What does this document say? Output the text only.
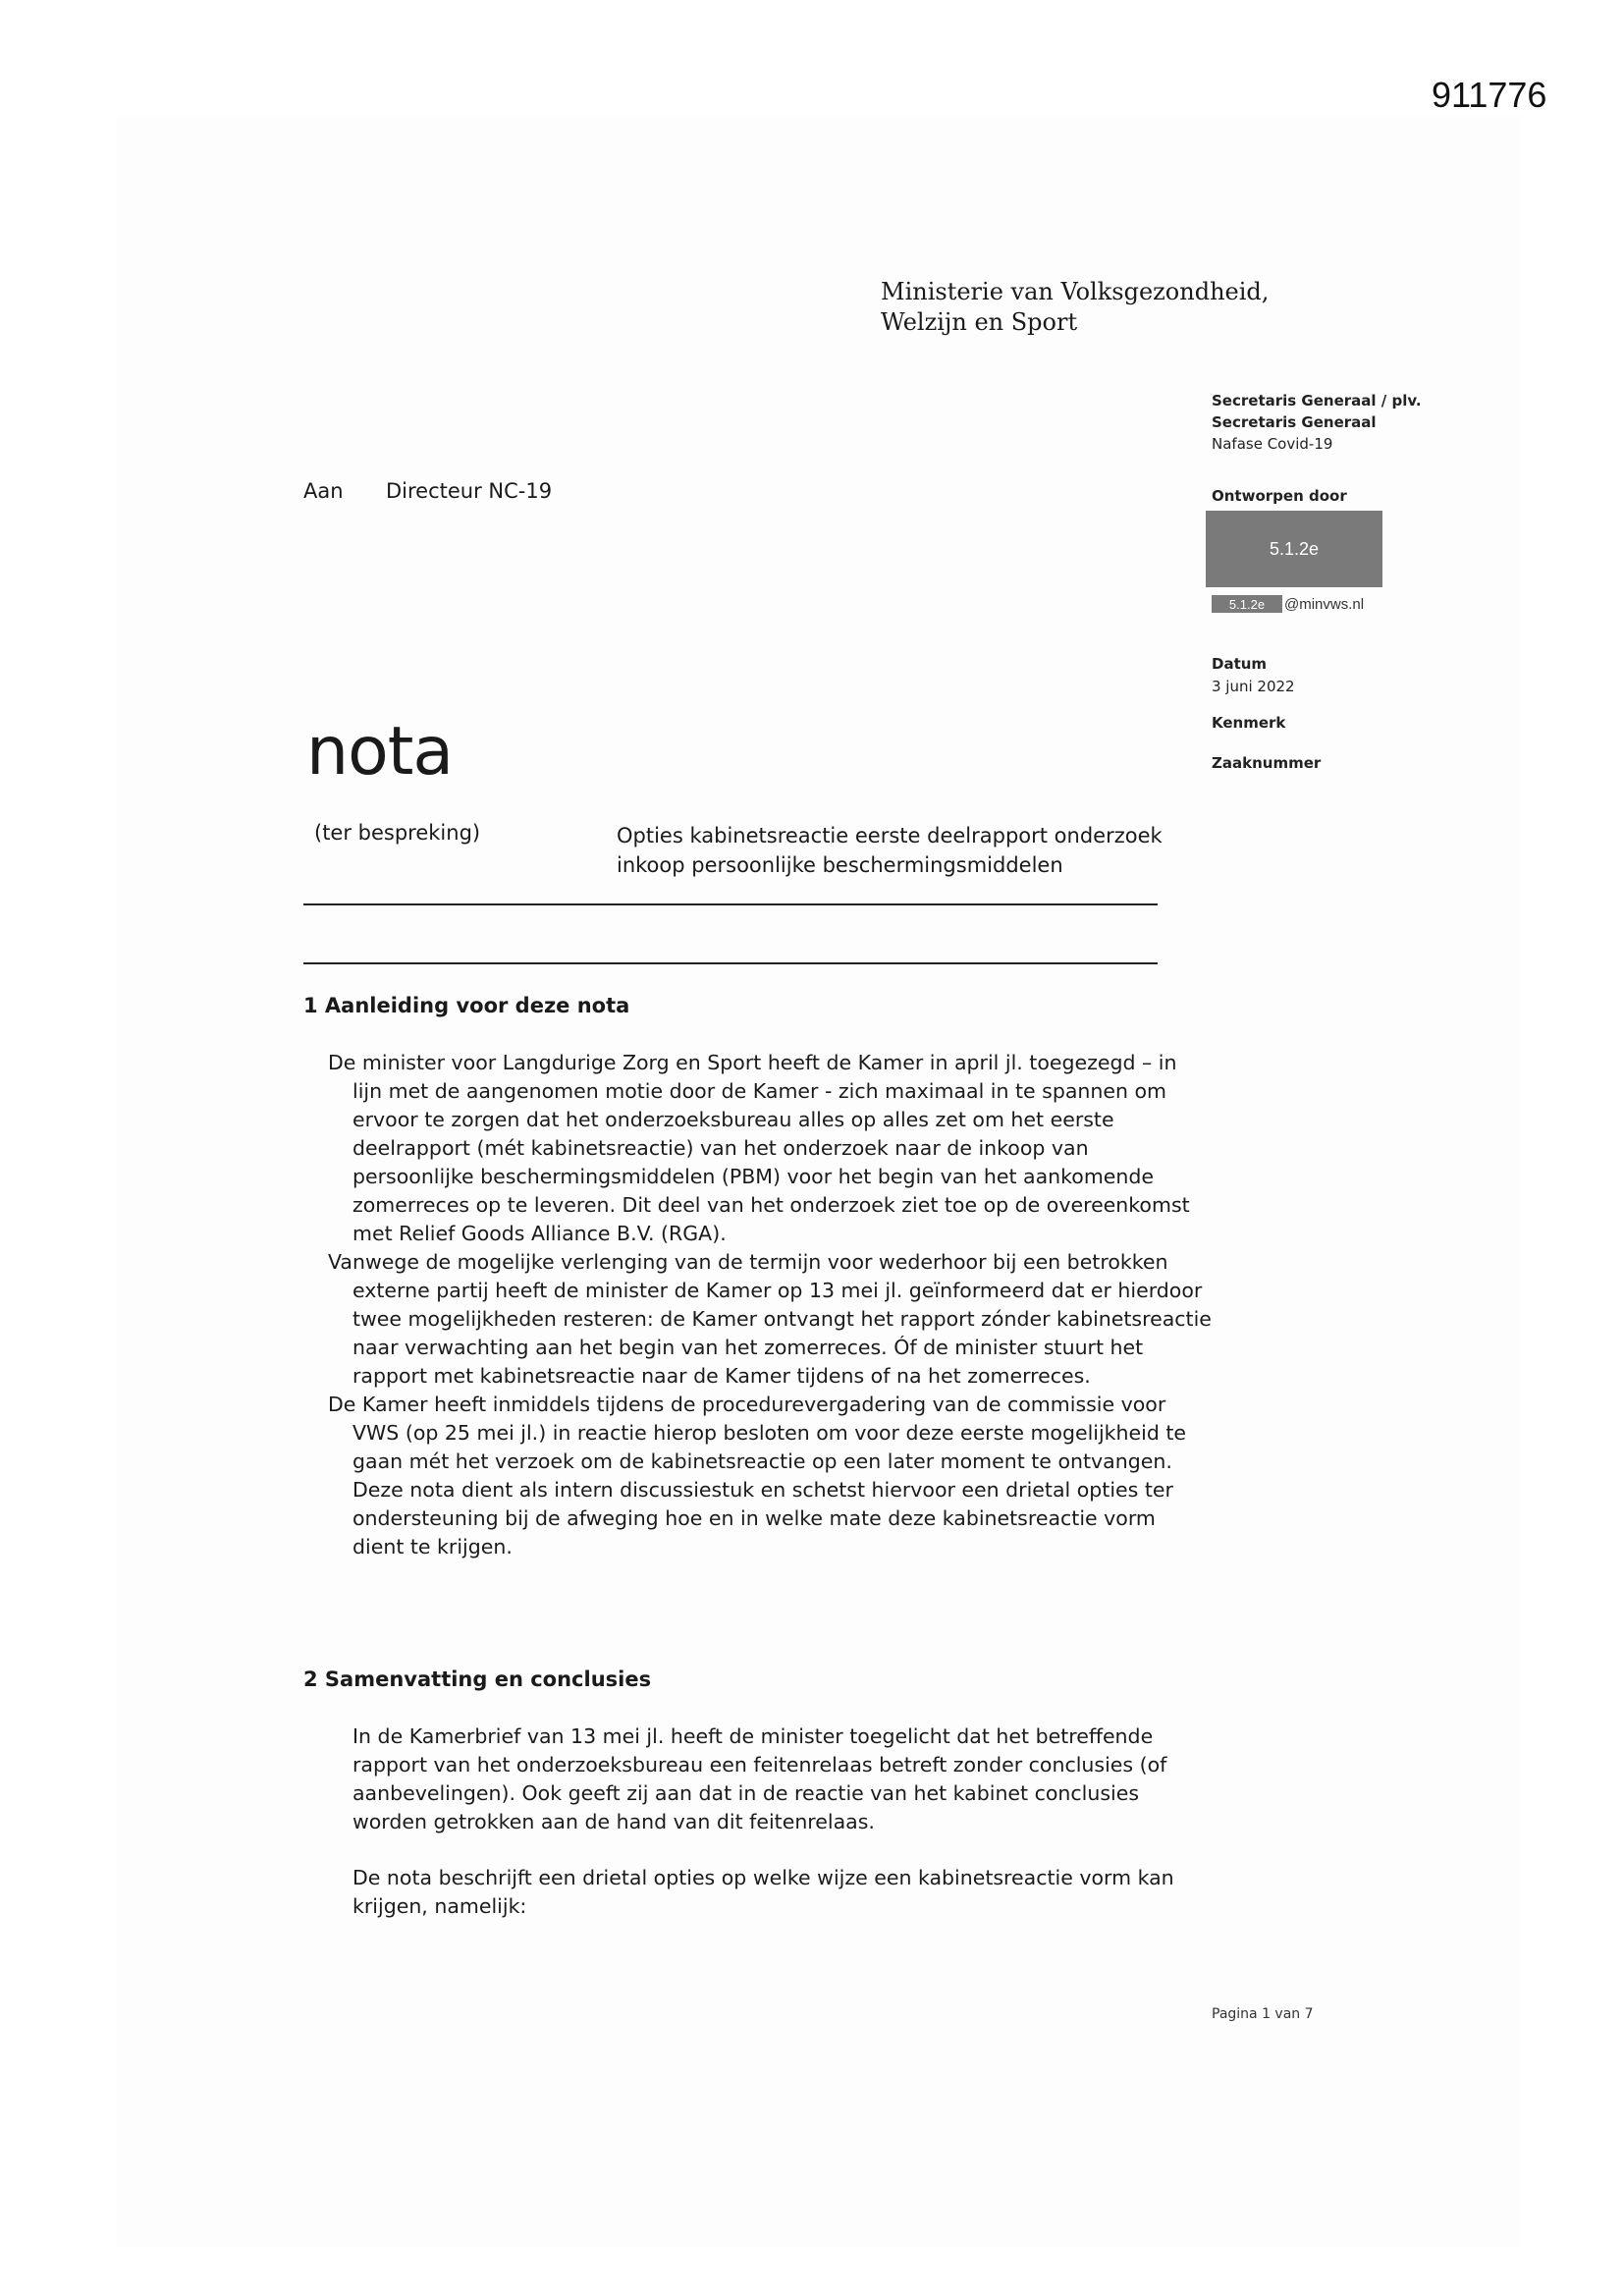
911776
Ministerie van Volksgezondheid,
Welzijn en Sport
Secretaris Generaal / plv.
Secretaris Generaal
Nafase Covid-19
Ontworpen door
5.1.2e
5.1.2e	@minvws.nl
Datum
3 juni 2022
Kenmerk
Zaaknummer
Aan Directeur NC-19
nota
(ter bespreking)	Opties kabinetsreactie eerste deelrapport onderzoek
inkoop persoonlijke beschermingsmiddelen
1 Aanleiding voor deze nota

De minister voor Langdurige Zorg en Sport heeft de Kamer in april jl. toegezegd – in lijn met de aangenomen motie door de Kamer - zich maximaal in te spannen om ervoor te zorgen dat het onderzoeksbureau alles op alles zet om het eerste deelrapport (mét kabinetsreactie) van het onderzoek naar de inkoop van persoonlijke beschermingsmiddelen (PBM) voor het begin van het aankomende zomerreces op te leveren. Dit deel van het onderzoek ziet toe op de overeenkomst met Relief Goods Alliance B.V. (RGA).

Vanwege de mogelijke verlenging van de termijn voor wederhoor bij een betrokken externe partij heeft de minister de Kamer op 13 mei jl. geïnformeerd dat er hierdoor twee mogelijkheden resteren: de Kamer ontvangt het rapport zónder kabinetsreactie naar verwachting aan het begin van het zomerreces. Óf de minister stuurt het rapport met kabinetsreactie naar de Kamer tijdens of na het zomerreces.

De Kamer heeft inmiddels tijdens de procedurevergadering van de commissie voor VWS (op 25 mei jl.) in reactie hierop besloten om voor deze eerste mogelijkheid te gaan mét het verzoek om de kabinetsreactie op een later moment te ontvangen.

Deze nota dient als intern discussiestuk en schetst hiervoor een drietal opties ter ondersteuning bij de afweging hoe en in welke mate deze kabinetsreactie vorm dient te krijgen.

2 Samenvatting en conclusies

In de Kamerbrief van 13 mei jl. heeft de minister toegelicht dat het betreffende rapport van het onderzoeksbureau een feitenrelaas betreft zonder conclusies (of aanbevelingen). Ook geeft zij aan dat in de reactie van het kabinet conclusies worden getrokken aan de hand van dit feitenrelaas.

De nota beschrijft een drietal opties op welke wijze een kabinetsreactie vorm kan krijgen, namelijk:

Pagina 1 van 7
